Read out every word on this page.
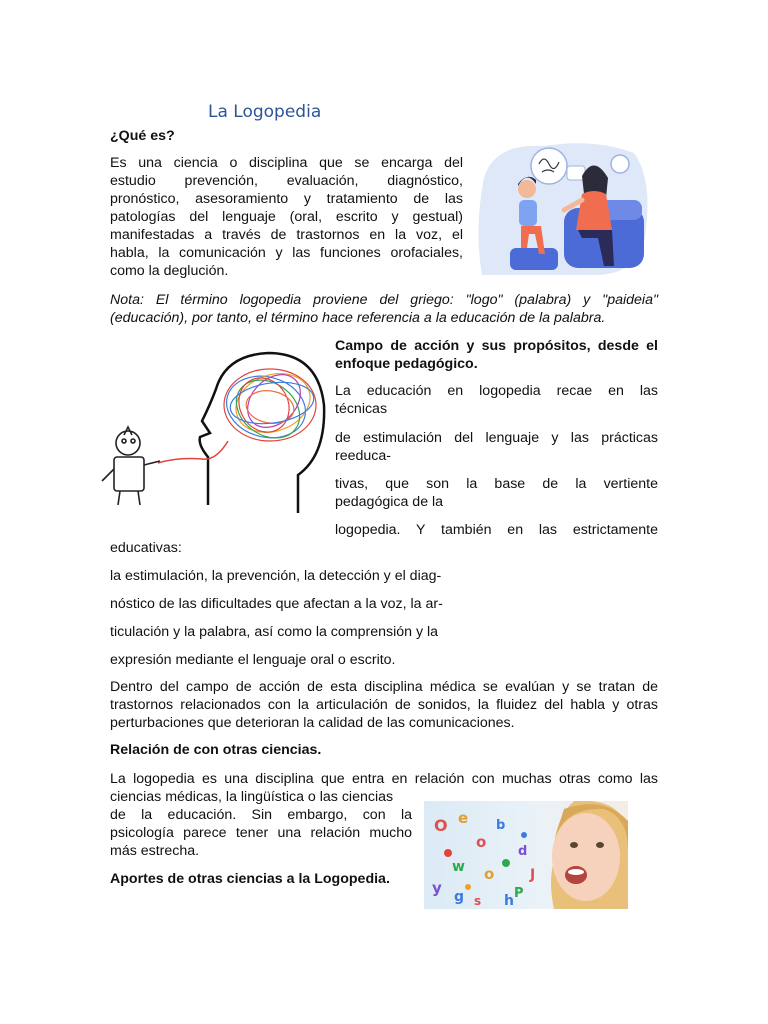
La Logopedia
¿Qué es?
Es una ciencia o disciplina que se encarga del
estudio prevención, evaluación, diagnóstico,
pronóstico, asesoramiento y tratamiento de las
patologías del lenguaje (oral, escrito y gestual)
manifestadas a través de trastornos en la voz, el
habla, la comunicación y las funciones orofaciales,
como la deglución.
Nota: El término logopedia proviene del griego: "logo" (palabra) y "paideia"
(educación), por tanto, el término hace referencia a la educación de la palabra.
Campo de acción y sus propósitos, desde el
enfoque pedagógico.
La educación en logopedia recae en las
técnicas
de estimulación del lenguaje y las prácticas
reeduca-
tivas, que son la base de la vertiente
pedagógica de la
logopedia. Y también en las estrictamente
educativas:
la estimulación, la prevención, la detección y el diag-
nóstico de las dificultades que afectan a la voz, la ar-
ticulación y la palabra, así como la comprensión y la
expresión mediante el lenguaje oral o escrito.
Dentro del campo de acción de esta disciplina médica se evalúan y se tratan de
trastornos relacionados con la articulación de sonidos, la fluidez del habla y otras
perturbaciones que deterioran la calidad de las comunicaciones.
Relación de con otras ciencias.
La logopedia es una disciplina que entra en relación con muchas otras como las
ciencias médicas, la lingüística o las ciencias
de la educación. Sin embargo, con la
psicología parece tener una relación mucho
más estrecha.
O e
o
b
y
w o	J
g	P
h
s
d
Aportes de otras ciencias a la Logopedia.
